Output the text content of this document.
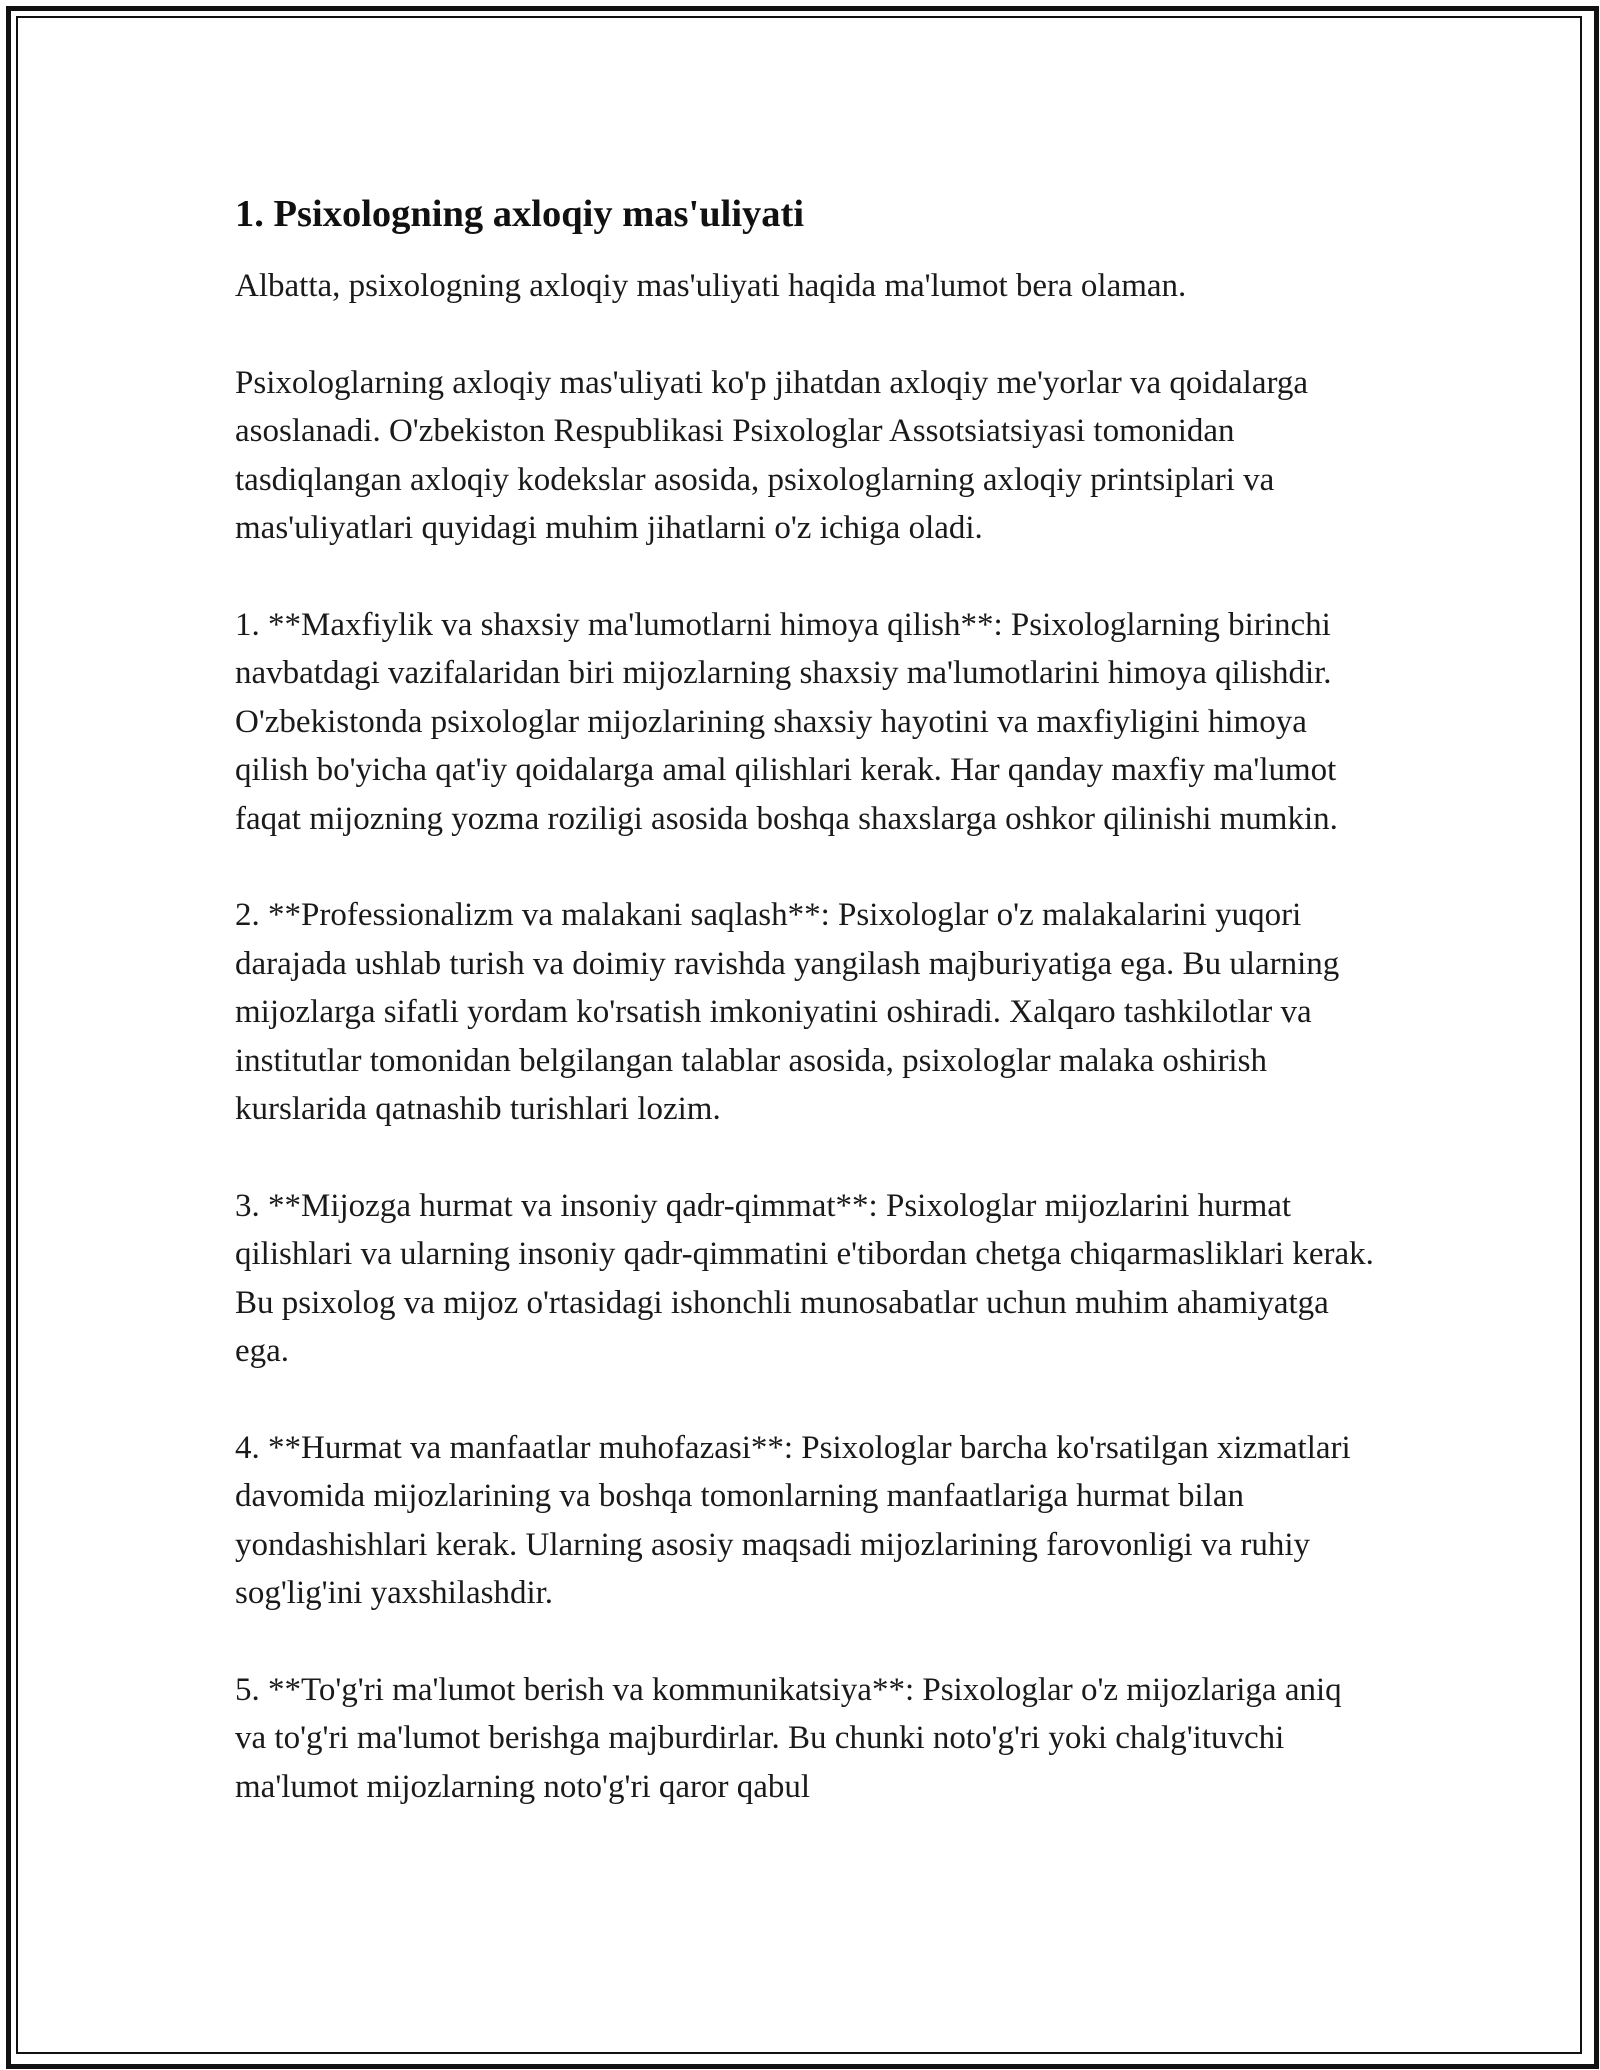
1. Psixologning axloqiy mas'uliyati

Albatta, psixologning axloqiy mas'uliyati haqida ma'lumot bera olaman.

Psixologlarning axloqiy mas'uliyati ko'p jihatdan axloqiy me'yorlar va qoidalarga asoslanadi. O'zbekiston Respublikasi Psixologlar Assotsiatsiyasi tomonidan tasdiqlangan axloqiy kodekslar asosida, psixologlarning axloqiy printsiplari va mas'uliyatlari quyidagi muhim jihatlarni o'z ichiga oladi.

1. **Maxfiylik va shaxsiy ma'lumotlarni himoya qilish**: Psixologlarning birinchi navbatdagi vazifalaridan biri mijozlarning shaxsiy ma'lumotlarini himoya qilishdir. O'zbekistonda psixologlar mijozlarining shaxsiy hayotini va maxfiyligini himoya qilish bo'yicha qat'iy qoidalarga amal qilishlari kerak. Har qanday maxfiy ma'lumot faqat mijozning yozma roziligi asosida boshqa shaxslarga oshkor qilinishi mumkin.

2. **Professionalizm va malakani saqlash**: Psixologlar o'z malakalarini yuqori darajada ushlab turish va doimiy ravishda yangilash majburiyatiga ega. Bu ularning mijozlarga sifatli yordam ko'rsatish imkoniyatini oshiradi. Xalqaro tashkilotlar va institutlar tomonidan belgilangan talablar asosida, psixologlar malaka oshirish kurslarida qatnashib turishlari lozim.

3. **Mijozga hurmat va insoniy qadr-qimmat**: Psixologlar mijozlarini hurmat qilishlari va ularning insoniy qadr-qimmatini e'tibordan chetga chiqarmasliklari kerak. Bu psixolog va mijoz o'rtasidagi ishonchli munosabatlar uchun muhim ahamiyatga ega.

4. **Hurmat va manfaatlar muhofazasi**: Psixologlar barcha ko'rsatilgan xizmatlari davomida mijozlarining va boshqa tomonlarning manfaatlariga hurmat bilan yondashishlari kerak. Ularning asosiy maqsadi mijozlarining farovonligi va ruhiy sog'lig'ini yaxshilashdir.

5. **To'g'ri ma'lumot berish va kommunikatsiya**: Psixologlar o'z mijozlariga aniq va to'g'ri ma'lumot berishga majburdirlar. Bu chunki noto'g'ri yoki chalg'ituvchi ma'lumot mijozlarning noto'g'ri qaror qabul
